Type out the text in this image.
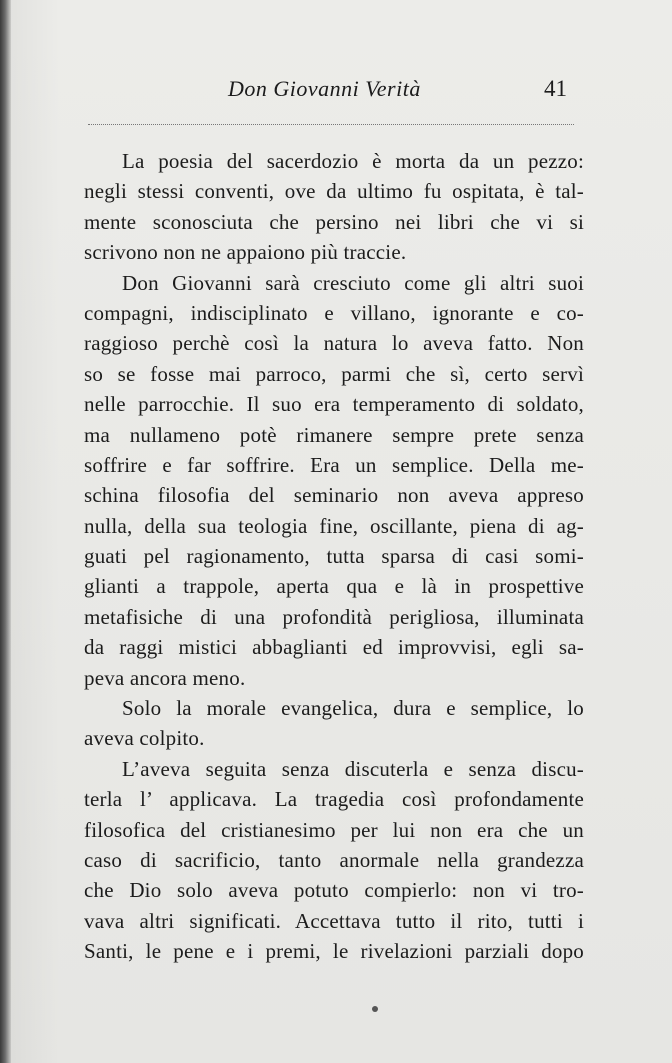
Don Giovanni Verità	41
La poesia del sacerdozio è morta da un pezzo:
negli stessi conventi, ove da ultimo fu ospitata, è tal-
mente sconosciuta che persino nei libri che vi si
scrivono non ne appaiono più traccie.
Don Giovanni sarà cresciuto come gli altri suoi
compagni, indisciplinato e villano, ignorante e co-
raggioso perchè così la natura lo aveva fatto. Non
so se fosse mai parroco, parmi che sì, certo servì
nelle parrocchie. Il suo era temperamento di soldato,
ma nullameno potè rimanere sempre prete senza
soffrire e far soffrire. Era un semplice. Della me-
schina filosofia del seminario non aveva appreso
nulla, della sua teologia fine, oscillante, piena di ag-
guati pel ragionamento, tutta sparsa di casi somi-
glianti a trappole, aperta qua e là in prospettive
metafisiche di una profondità perigliosa, illuminata
da raggi mistici abbaglianti ed improvvisi, egli sa-
peva ancora meno.
Solo la morale evangelica, dura e semplice, lo
aveva colpito.
L’aveva seguita senza discuterla e senza discu-
terla l’ applicava. La tragedia così profondamente
filosofica del cristianesimo per lui non era che un
caso di sacrificio, tanto anormale nella grandezza
che Dio solo aveva potuto compierlo: non vi tro-
vava altri significati. Accettava tutto il rito, tutti i
Santi, le pene e i premi, le rivelazioni parziali dopo
